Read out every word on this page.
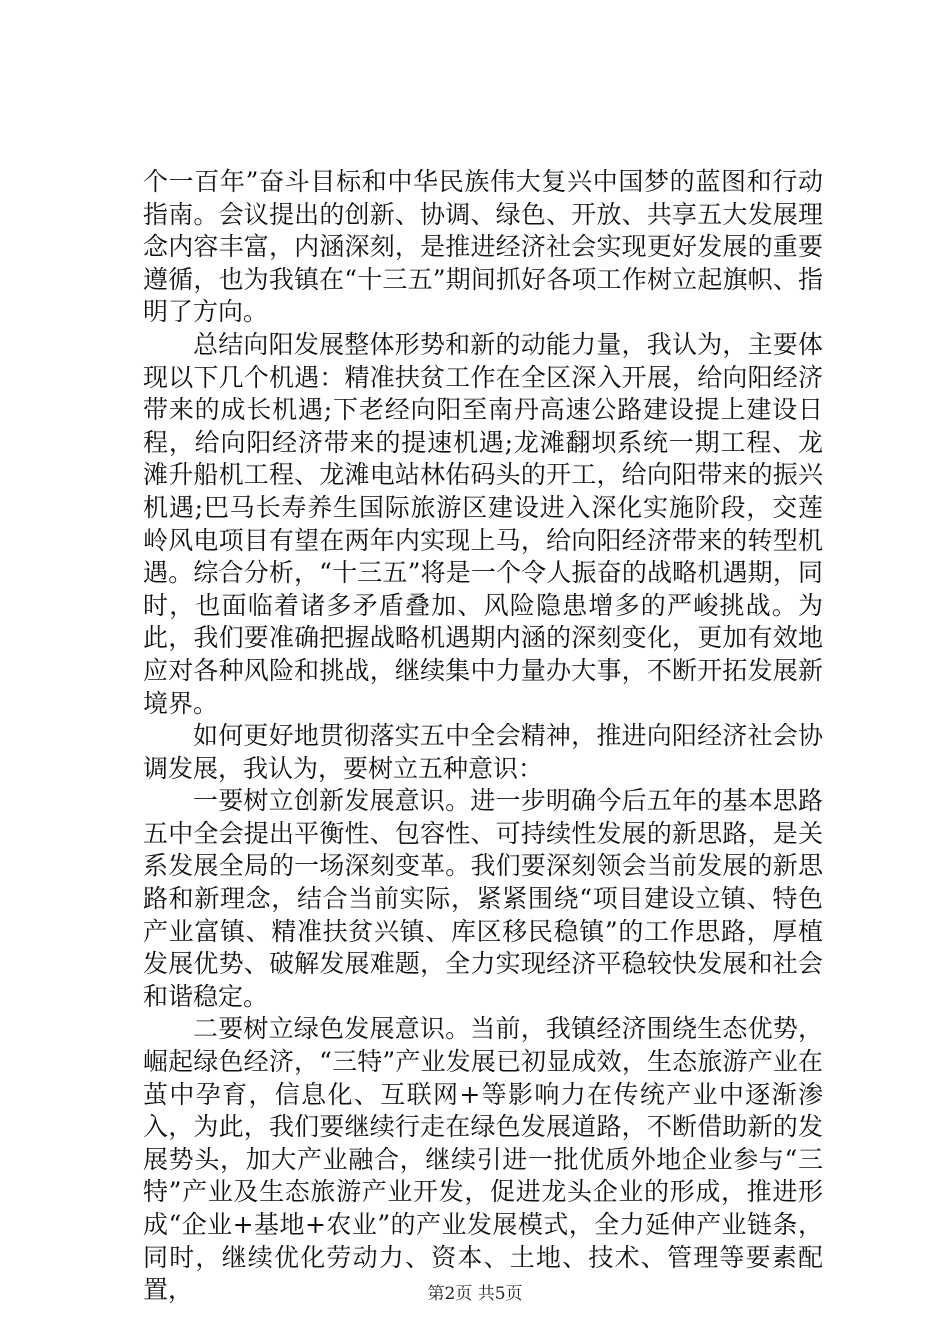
个一百年”奋斗目标和中华民族伟大复兴中国梦的蓝图和行动指南。会议提出的创新、协调、绿色、开放、共享五大发展理念内容丰富，内涵深刻，是推进经济社会实现更好发展的重要遵循，也为我镇在“十三五”期间抓好各项工作树立起旗帜、指明了方向。

总结向阳发展整体形势和新的动能力量，我认为，主要体现以下几个机遇：精准扶贫工作在全区深入开展，给向阳经济带来的成长机遇;下老经向阳至南丹高速公路建设提上建设日程，给向阳经济带来的提速机遇;龙滩翻坝系统一期工程、龙滩升船机工程、龙滩电站林佑码头的开工，给向阳带来的振兴机遇;巴马长寿养生国际旅游区建设进入深化实施阶段，交莲岭风电项目有望在两年内实现上马，给向阳经济带来的转型机遇。综合分析，“十三五”将是一个令人振奋的战略机遇期，同时，也面临着诸多矛盾叠加、风险隐患增多的严峻挑战。为此，我们要准确把握战略机遇期内涵的深刻变化，更加有效地应对各种风险和挑战，继续集中力量办大事，不断开拓发展新境界。

如何更好地贯彻落实五中全会精神，推进向阳经济社会协调发展，我认为，要树立五种意识：

一要树立创新发展意识。进一步明确今后五年的基本思路五中全会提出平衡性、包容性、可持续性发展的新思路，是关系发展全局的一场深刻变革。我们要深刻领会当前发展的新思路和新理念，结合当前实际，紧紧围绕“项目建设立镇、特色产业富镇、精准扶贫兴镇、库区移民稳镇”的工作思路，厚植发展优势、破解发展难题，全力实现经济平稳较快发展和社会和谐稳定。

二要树立绿色发展意识。当前，我镇经济围绕生态优势，崛起绿色经济，“三特”产业发展已初显成效，生态旅游产业在茧中孕育，信息化、互联网+等影响力在传统产业中逐渐渗入，为此，我们要继续行走在绿色发展道路，不断借助新的发展势头，加大产业融合，继续引进一批优质外地企业参与“三特”产业及生态旅游产业开发，促进龙头企业的形成，推进形成“企业+基地+农业”的产业发展模式，全力延伸产业链条，同时，继续优化劳动力、资本、土地、技术、管理等要素配置，	第2页 共5页
